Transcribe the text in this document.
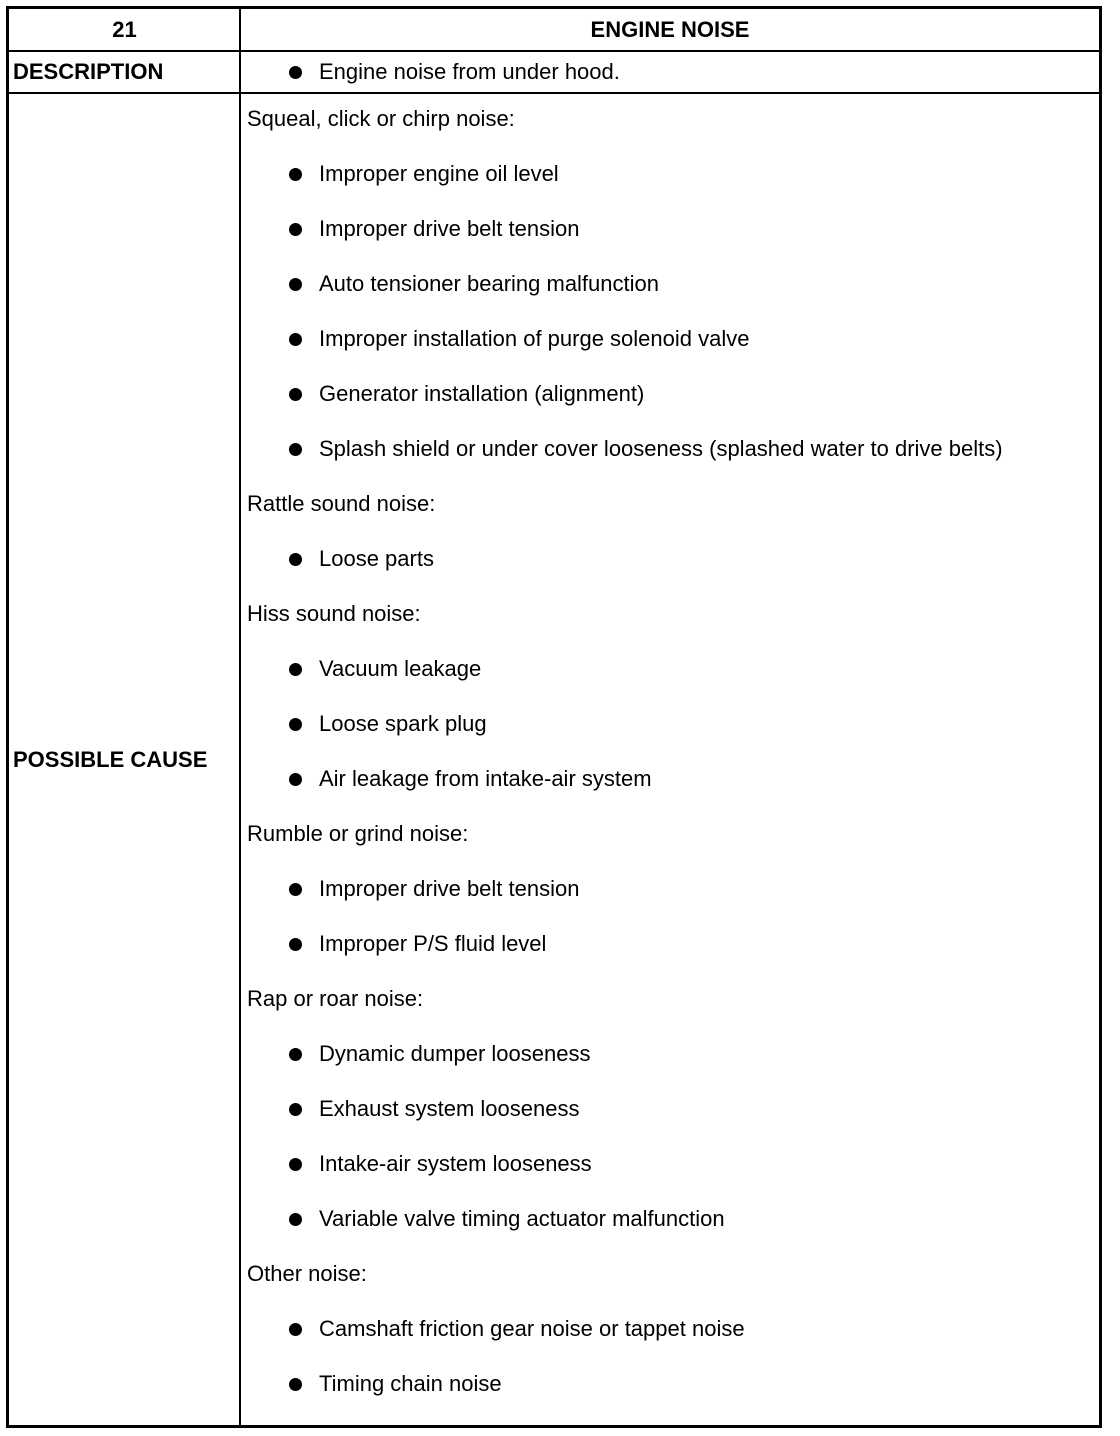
21	ENGINE NOISE
DESCRIPTION	Engine noise from under hood.
POSSIBLE CAUSE
Squeal, click or chirp noise:
Improper engine oil level
Improper drive belt tension
Auto tensioner bearing malfunction
Improper installation of purge solenoid valve
Generator installation (alignment)
Splash shield or under cover looseness (splashed water to drive belts)
Rattle sound noise:
Loose parts
Hiss sound noise:
Vacuum leakage
Loose spark plug
Air leakage from intake-air system
Rumble or grind noise:
Improper drive belt tension
Improper P/S fluid level
Rap or roar noise:
Dynamic dumper looseness
Exhaust system looseness
Intake-air system looseness
Variable valve timing actuator malfunction
Other noise:
Camshaft friction gear noise or tappet noise
Timing chain noise
